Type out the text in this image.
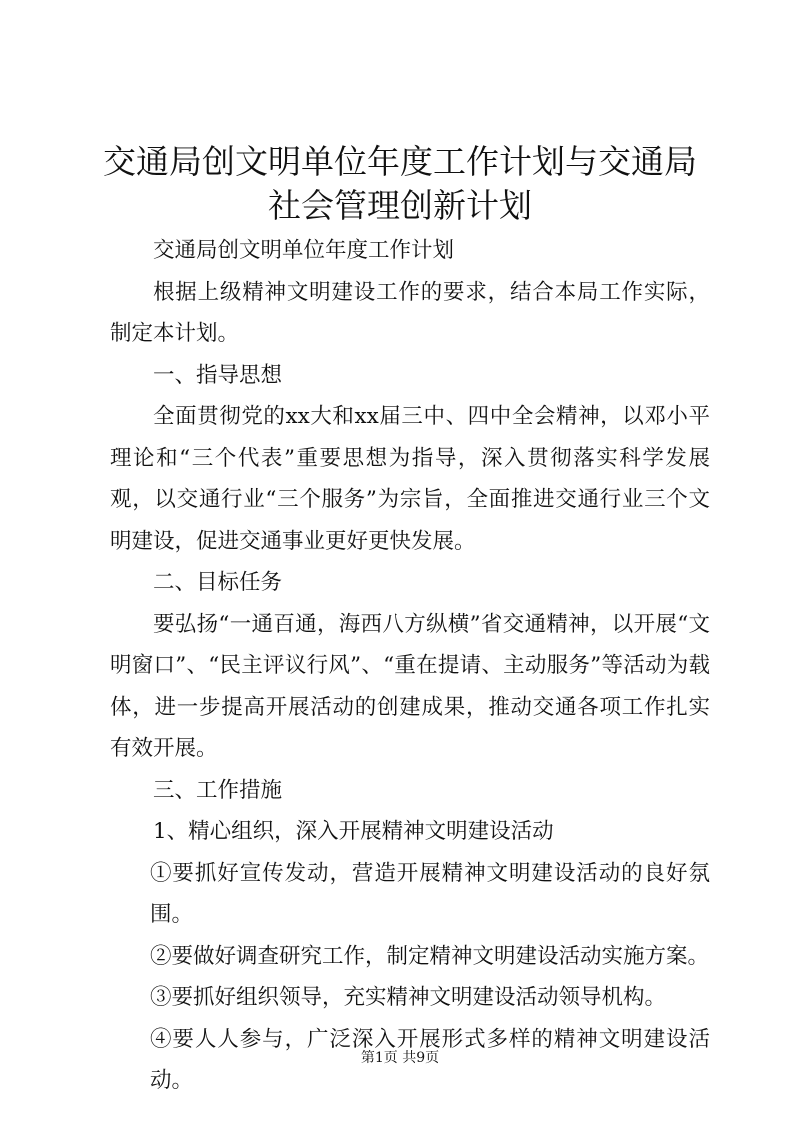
交通局创文明单位年度工作计划与交通局社会管理创新计划

交通局创文明单位年度工作计划

根据上级精神文明建设工作的要求，结合本局工作实际，制定本计划。

一、指导思想

全面贯彻党的xx大和xx届三中、四中全会精神，以邓小平理论和“三个代表”重要思想为指导，深入贯彻落实科学发展观，以交通行业“三个服务”为宗旨，全面推进交通行业三个文明建设，促进交通事业更好更快发展。

二、目标任务

要弘扬“一通百通，海西八方纵横”省交通精神，以开展“文明窗口”、“民主评议行风”、“重在提请、主动服务”等活动为载体，进一步提高开展活动的创建成果，推动交通各项工作扎实有效开展。

三、工作措施

1、精心组织，深入开展精神文明建设活动

①要抓好宣传发动，营造开展精神文明建设活动的良好氛围。

②要做好调查研究工作，制定精神文明建设活动实施方案。

③要抓好组织领导，充实精神文明建设活动领导机构。

④要人人参与，广泛深入开展形式多样的精神文明建设活动。

第1页 共9页
